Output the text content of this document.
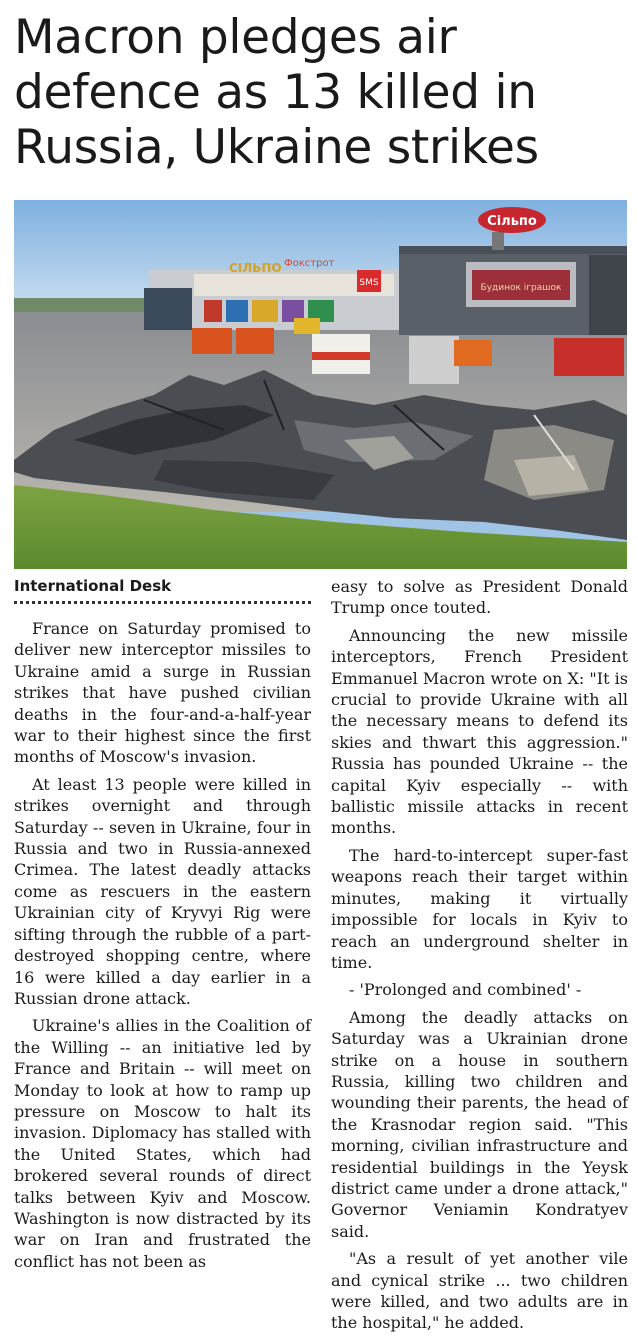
Macron pledges air defence as 13 killed in Russia, Ukraine strikes
SMS
СІЛЬПО Фокстрот
Будинок іграшок
Сільпо
International Desk

France on Saturday promised to deliver new interceptor missiles to Ukraine amid a surge in Russian strikes that have pushed civilian deaths in the four-and-a-half-year war to their highest since the first months of Moscow's invasion.

At least 13 people were killed in strikes overnight and through Saturday -- seven in Ukraine, four in Russia and two in Russia-annexed Crimea. The latest deadly attacks come as rescuers in the eastern Ukrainian city of Kryvyi Rig were sifting through the rubble of a part-destroyed shopping centre, where 16 were killed a day earlier in a Russian drone attack.

Ukraine's allies in the Coalition of the Willing -- an initiative led by France and Britain -- will meet on Monday to look at how to ramp up pressure on Moscow to halt its invasion. Diplomacy has stalled with the United States, which had brokered several rounds of direct talks between Kyiv and Moscow. Washington is now distracted by its war on Iran and frustrated the conflict has not been as

easy to solve as President Donald Trump once touted.

Announcing the new missile interceptors, French President Emmanuel Macron wrote on X: "It is crucial to provide Ukraine with all the necessary means to defend its skies and thwart this aggression." Russia has pounded Ukraine -- the capital Kyiv especially -- with ballistic missile attacks in recent months.

The hard-to-intercept super-fast weapons reach their target within minutes, making it virtually impossible for locals in Kyiv to reach an underground shelter in time.

- 'Prolonged and combined' -

Among the deadly attacks on Saturday was a Ukrainian drone strike on a house in southern Russia, killing two children and wounding their parents, the head of the Krasnodar region said. "This morning, civilian infrastructure and residential buildings in the Yeysk district came under a drone attack," Governor Veniamin Kondratyev said.

"As a result of yet another vile and cynical strike ... two children were killed, and two adults are in the hospital," he added.
